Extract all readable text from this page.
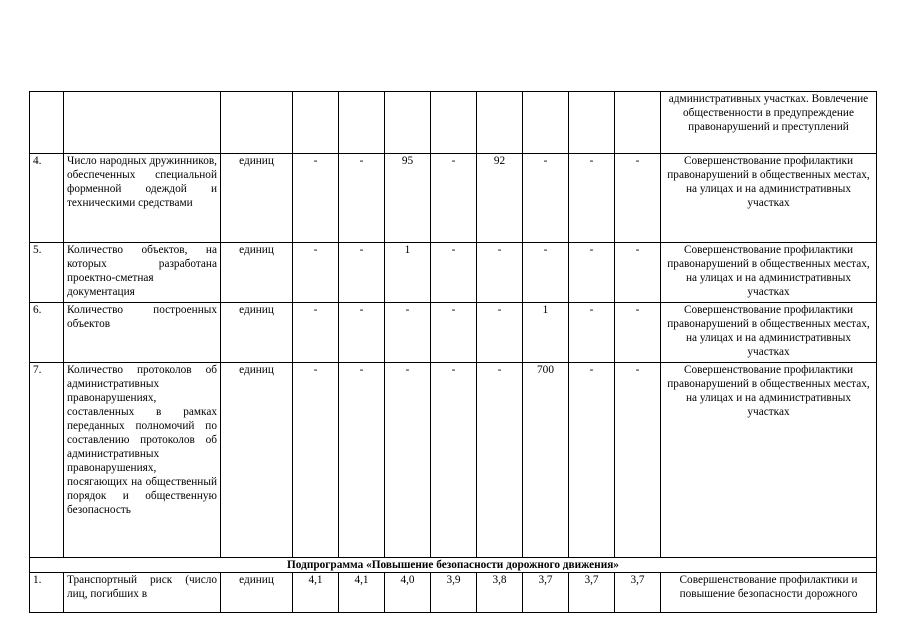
											административных участках. Вовлечение общественности в предупреждение правонарушений и преступлений
4.	Число народных дружинников, обеспеченных специальной форменной одеждой и техническими средствами	единиц	-	-	95	-	92	-	-	-	Совершенствование профилактики правонарушений в общественных местах, на улицах и на административных участках
5.	Количество объектов, на которых разработана проектно-сметная документация	единиц	-	-	1	-	-	-	-	-	Совершенствование профилактики правонарушений в общественных местах, на улицах и на административных участках
6.	Количество построенных объектов	единиц	-	-	-	-	-	1	-	-	Совершенствование профилактики правонарушений в общественных местах, на улицах и на административных участках
7.	Количество протоколов об административных правонарушениях, составленных в рамках переданных полномочий по составлению протоколов об административных правонарушениях, посягающих на общественный порядок и общественную безопасность	единиц	-	-	-	-	-	700	-	-	Совершенствование профилактики правонарушений в общественных местах, на улицах и на административных участках
Подпрограмма «Повышение безопасности дорожного движения»											
1.	Транспортный риск (число лиц, погибших в	единиц	4,1	4,1	4,0	3,9	3,8	3,7	3,7	3,7	Совершенствование профилактики и повышение безопасности дорожного
